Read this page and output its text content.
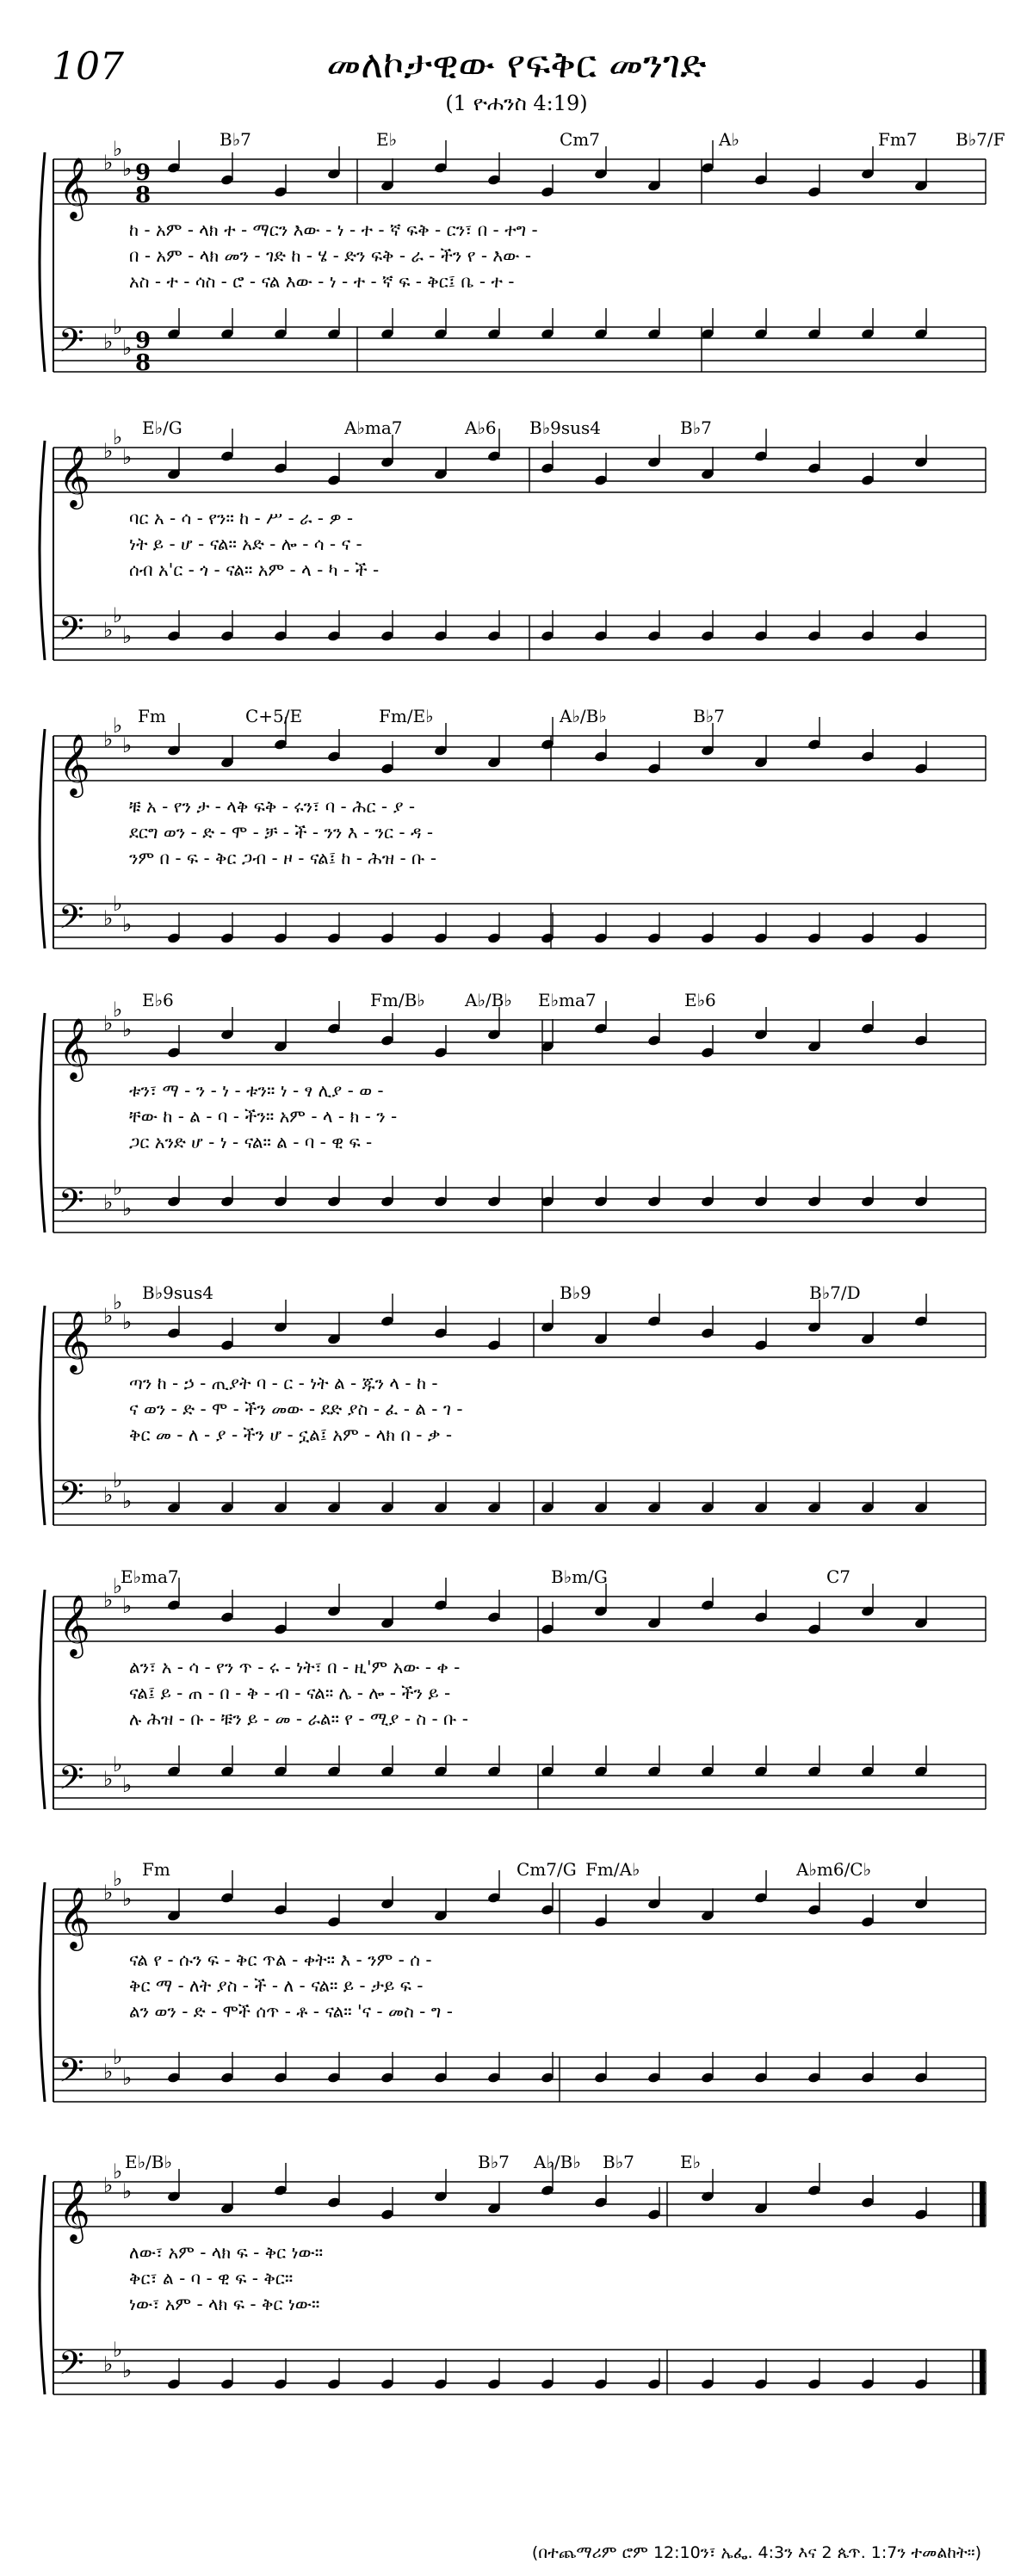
107	መለኮታዊው የፍቅር መንገድ
(1 ዮሐንስ 4:19)
𝄞
𝄢
♭
♭
♭
♭
♭
♭
9
8
9
8
B♭7	E♭	Cm7	A♭	Fm7 B♭7/F
ከ - አም - ላክ ተ - ማርን እው - ነ - ተ - ኛ ፍቅ - ርን፣ በ - ተግ -
በ - አም - ላክ መን - ገድ ከ - ሄ - ድን ፍቅ - ራ - ችን የ - እው -
አስ - ተ - ሳስ - ሮ - ናል እው - ነ - ተ - ኛ ፍ - ቅር፤ ቤ - ተ -
𝄞
𝄢
♭
♭
♭
♭
♭
♭
E♭/G	A♭ma7	A♭6 B♭9sus4	B♭7
ባር አ - ሳ - የን። ከ - ሥ - ራ - ዎ -
ነት ይ - ሆ - ናል። አድ - ሎ - ሳ - ና -
ሰብ አ'ር - ጎ - ናል። አም - ላ - ካ - ች -
𝄞
𝄢
♭
♭
♭
♭
♭
♭
Fm	C+5/E	Fm/E♭	A♭/B♭	B♭7
ቹ አ - የን ታ - ላቅ ፍቅ - ሩን፣ ባ - ሕር - ያ -
ደርግ ወን - ድ - ሞ - ቻ - ች - ንን እ - ንር - ዳ -
ንም በ - ፍ - ቅር ጋብ - ዞ - ናል፤ ከ - ሕዝ - ቡ -
𝄞
𝄢
♭
♭
♭
♭
♭
♭
E♭6	Fm/B♭ A♭/B♭ E♭ma7	E♭6
ቱን፣ ማ - ን - ነ - ቱን። ነ - ፃ ሊያ - ወ -
ቸው ከ - ል - ባ - ችን። አም - ላ - ክ - ን -
ጋር አንድ ሆ - ነ - ናል። ል - ባ - ዊ ፍ -
𝄞
𝄢
♭
♭
♭
♭
♭
♭
B♭9sus4	B♭9	B♭7/D
ጣን ከ - ኃ - ጢያት ባ - ር - ነት ል - ጁን ላ - ከ -
ና ወን - ድ - ሞ - ችን መው - ደድ ያስ - ፈ - ል - ገ -
ቅር መ - ለ - ያ - ችን ሆ - ኗል፤ አም - ላክ በ - ቃ -
𝄞
𝄢
♭
♭
♭
♭
♭
♭
E♭ma7	B♭m/G	C7
ልን፣ አ - ሳ - የን ጥ - ሩ - ነት፣ በ - ዚ'ም አው - ቀ -
ናል፤ ይ - ጠ - በ - ቅ - ብ - ናል። ሌ - ሎ - ችን ይ -
ሉ ሕዝ - ቡ - ቹን ይ - መ - ራል። የ - ሚያ - ስ - ቡ -
𝄞
𝄢
♭
♭
♭
♭
♭
♭
Fm	Cm7/G Fm/A♭	A♭m6/C♭
ናል የ - ሱን ፍ - ቅር ጥል - ቀት። እ - ንም - ሰ -
ቅር ማ - ለት ያስ - ች - ለ - ናል። ይ - ታይ ፍ -
ልን ወን - ድ - ሞች ሰጥ - ቶ - ናል። 'ና - መስ - ግ -
𝄞
𝄢
♭
♭
♭
♭
♭
♭
E♭/B♭	B♭7 A♭/B♭ B♭7	E♭
ለው፣ አም - ላክ ፍ - ቅር ነው።
ቅር፣ ል - ባ - ዊ ፍ - ቅር።
ነው፣ አም - ላክ ፍ - ቅር ነው።
(በተጨማሪም ሮም 12:10ን፣ ኤፌ. 4:3ን እና 2 ጴጥ. 1:7ን ተመልከት።)
